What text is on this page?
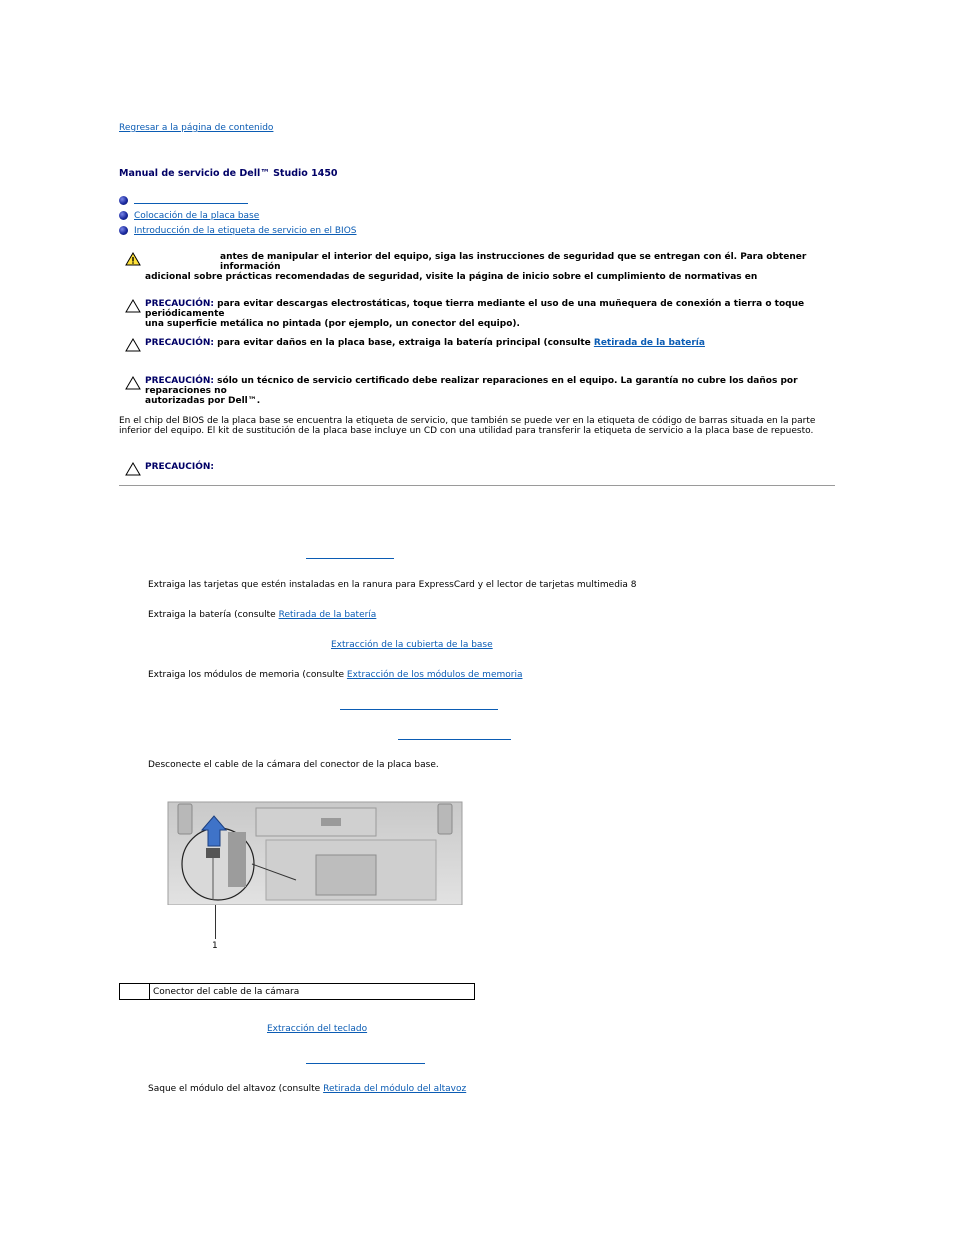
Regresar a la página de contenido
Manual de servicio de Dell™ Studio 1450
Colocación de la placa base
Introducción de la etiqueta de servicio en el BIOS
antes de manipular el interior del equipo, siga las instrucciones de seguridad que se entregan con él. Para obtener información
adicional sobre prácticas recomendadas de seguridad, visite la página de inicio sobre el cumplimiento de normativas en
PRECAUCIÓN: para evitar descargas electrostáticas, toque tierra mediante el uso de una muñequera de conexión a tierra o toque periódicamente
una superficie metálica no pintada (por ejemplo, un conector del equipo).
PRECAUCIÓN: para evitar daños en la placa base, extraiga la batería principal (consulte Retirada de la batería
PRECAUCIÓN: sólo un técnico de servicio certificado debe realizar reparaciones en el equipo. La garantía no cubre los daños por reparaciones no
autorizadas por Dell™.
En el chip del BIOS de la placa base se encuentra la etiqueta de servicio, que también se puede ver en la etiqueta de código de barras situada en la parte
inferior del equipo. El kit de sustitución de la placa base incluye un CD con una utilidad para transferir la etiqueta de servicio a la placa base de repuesto.
PRECAUCIÓN:
Extraiga las tarjetas que estén instaladas en la ranura para ExpressCard y el lector de tarjetas multimedia 8
Extraiga la batería (consulte Retirada de la batería
Extracción de la cubierta de la base
Extraiga los módulos de memoria (consulte Extracción de los módulos de memoria
Desconecte el cable de la cámara del conector de la placa base.
1
	Conector del cable de la cámara
Extracción del teclado
Saque el módulo del altavoz (consulte Retirada del módulo del altavoz
